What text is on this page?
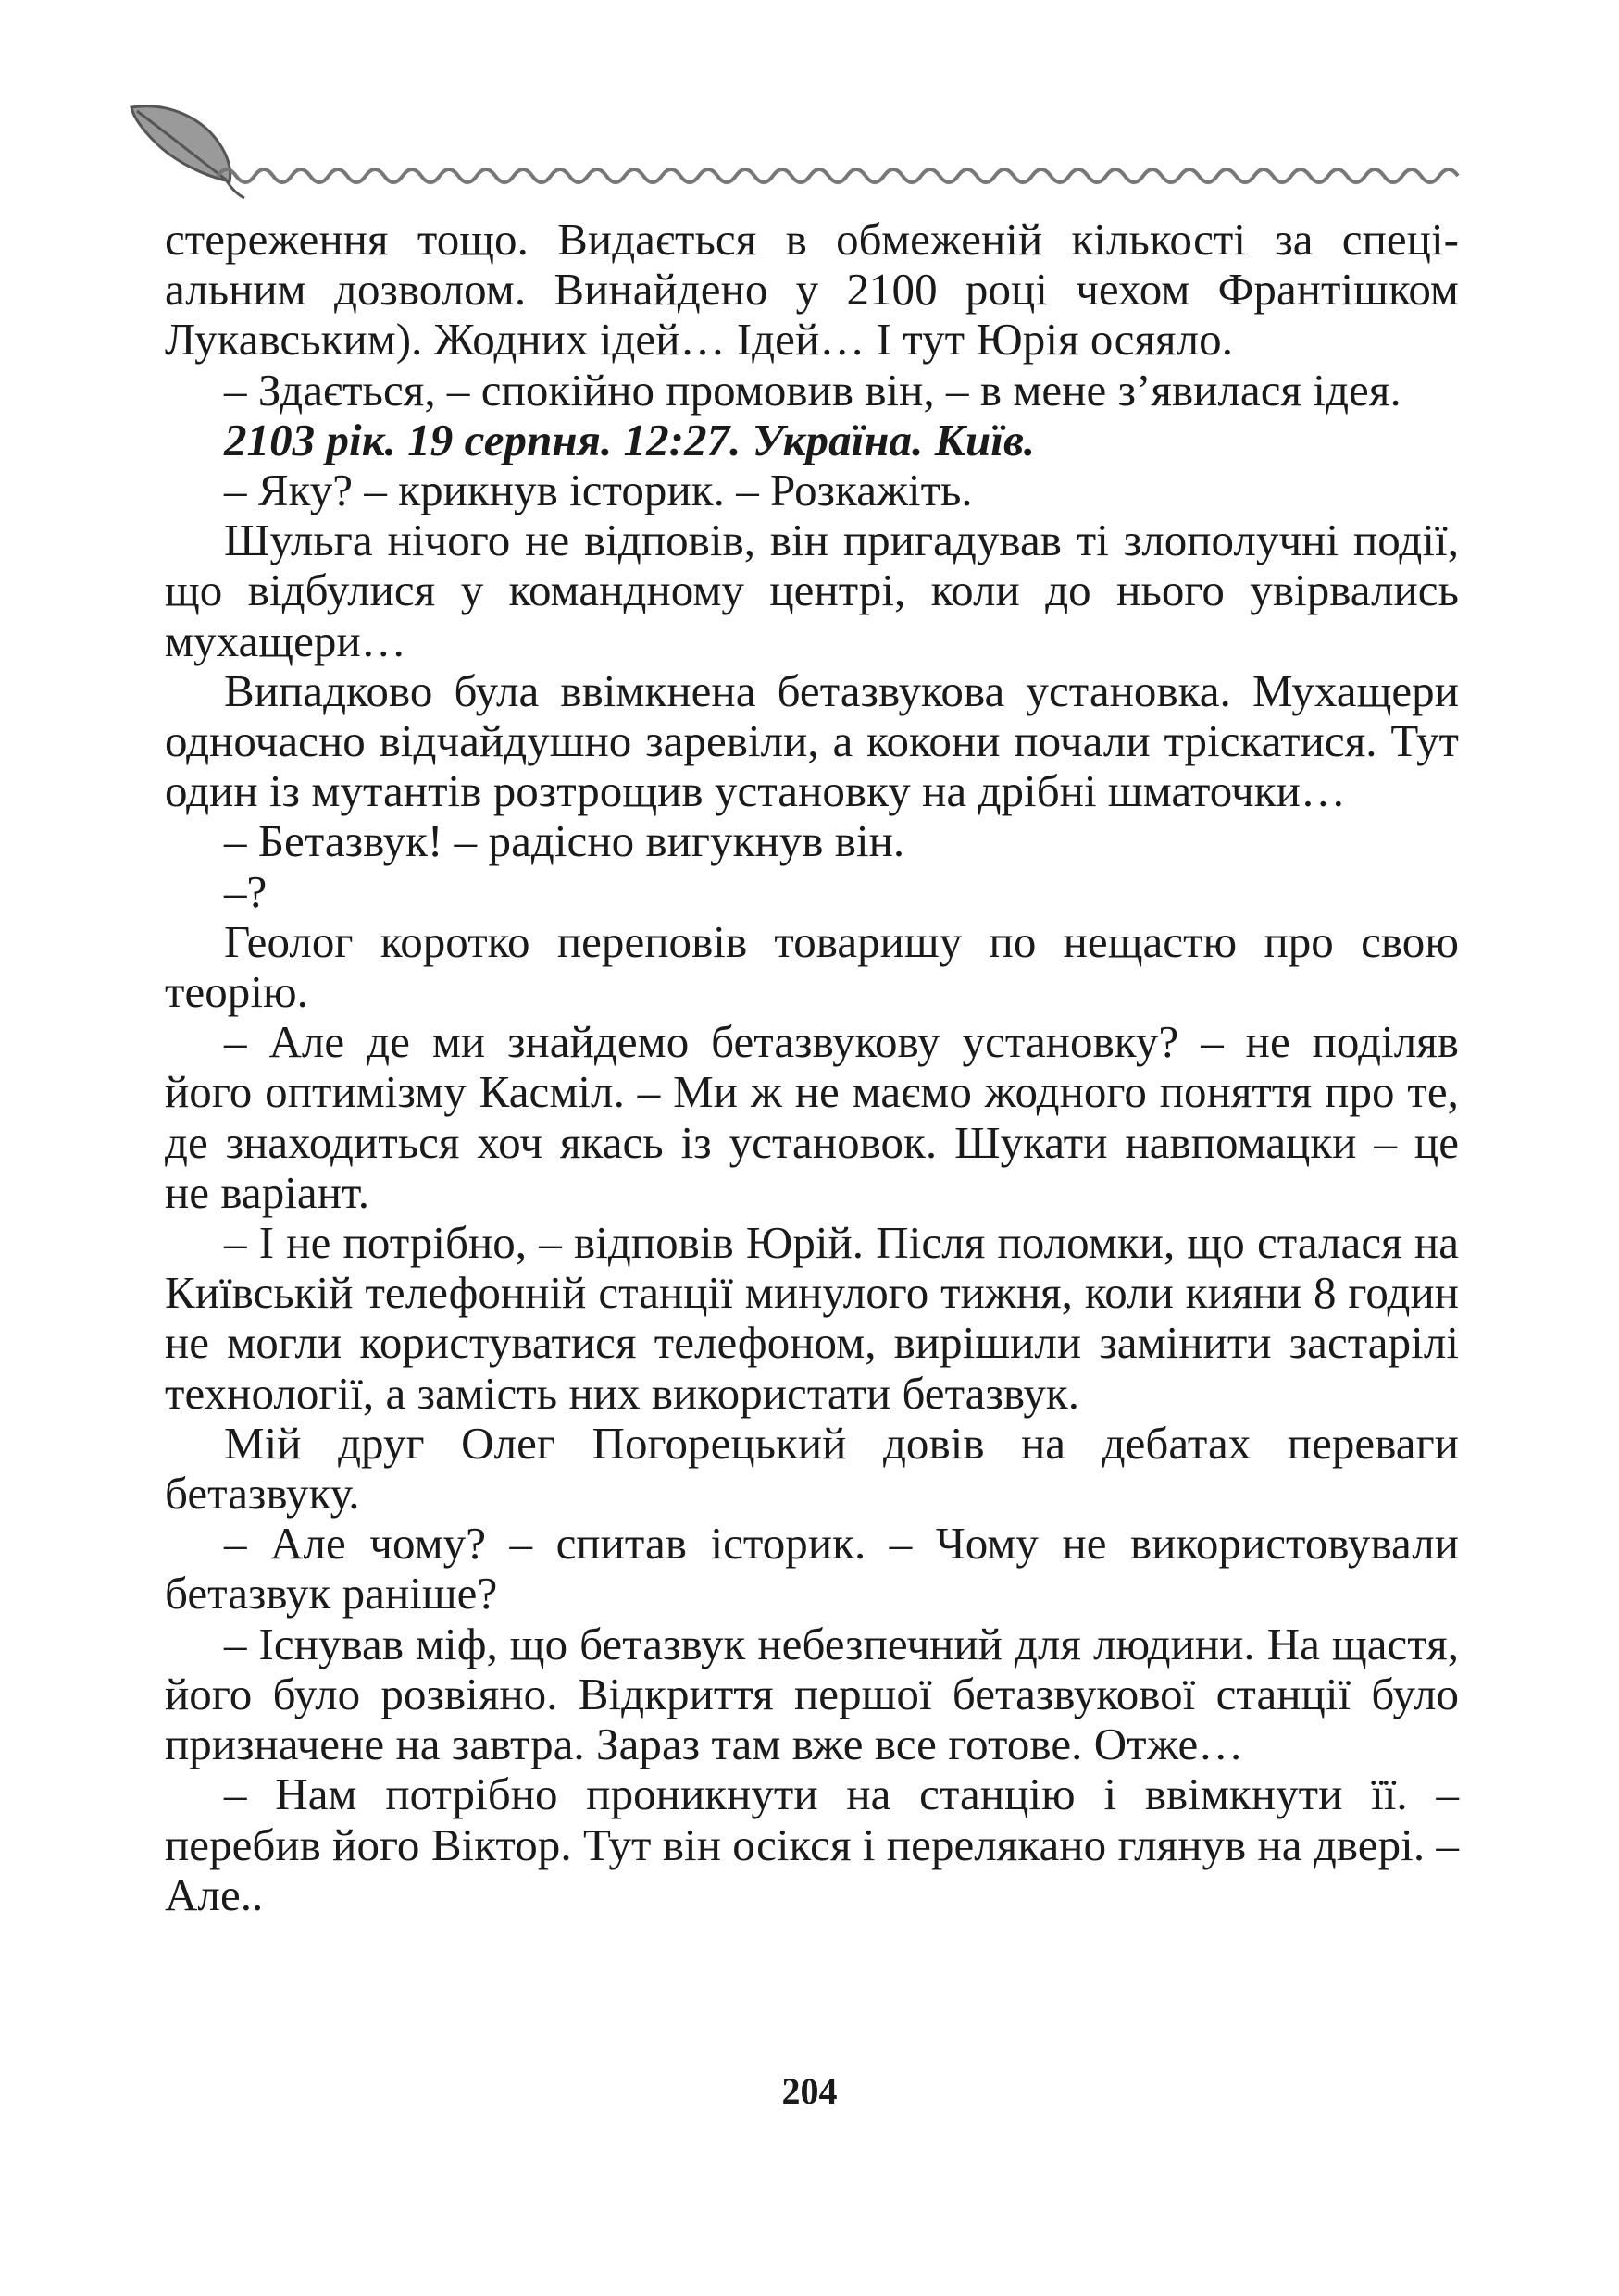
стереження тощо. Видається в обмеженій кількості за спеці-альним дозволом. Винайдено у 2100 році чехом Франтішком Лукавським). Жодних ідей… Ідей… І тут Юрія осяяло.

– Здається, – спокійно промовив він, – в мене з’явилася ідея.

2103 рік. 19 серпня. 12:27. Україна. Київ.

– Яку? – крикнув історик. – Розкажіть.

Шульга нічого не відповів, він пригадував ті злополучні події, що відбулися у командному центрі, коли до нього увірвались мухащери…

Випадково була ввімкнена бетазвукова установка. Мухащери одночасно відчайдушно заревіли, а кокони почали тріскатися. Тут один із мутантів розтрощив установку на дрібні шматочки…

– Бетазвук! – радісно вигукнув він.

–?

Геолог коротко переповів товаришу по нещастю про свою теорію.

– Але де ми знайдемо бетазвукову установку? – не поділяв його оптимізму Касміл. – Ми ж не маємо жодного поняття про те, де знаходиться хоч якась із установок. Шукати навпомацки – це не варіант.

– І не потрібно, – відповів Юрій. Після поломки, що сталася на Київській телефонній станції минулого тижня, коли кияни 8 годин не могли користуватися телефоном, вирішили замінити застарілі технології, а замість них використати бетазвук.

Мій друг Олег Погорецький довів на дебатах переваги бетазвуку.

– Але чому? – спитав історик. – Чому не використовували бетазвук раніше?

– Існував міф, що бетазвук небезпечний для людини. На щастя, його було розвіяно. Відкриття першої бетазвукової станції було призначене на завтра. Зараз там вже все готове. Отже…

– Нам потрібно проникнути на станцію і ввімкнути її. – перебив його Віктор. Тут він осікся і перелякано глянув на двері. – Але..

204
